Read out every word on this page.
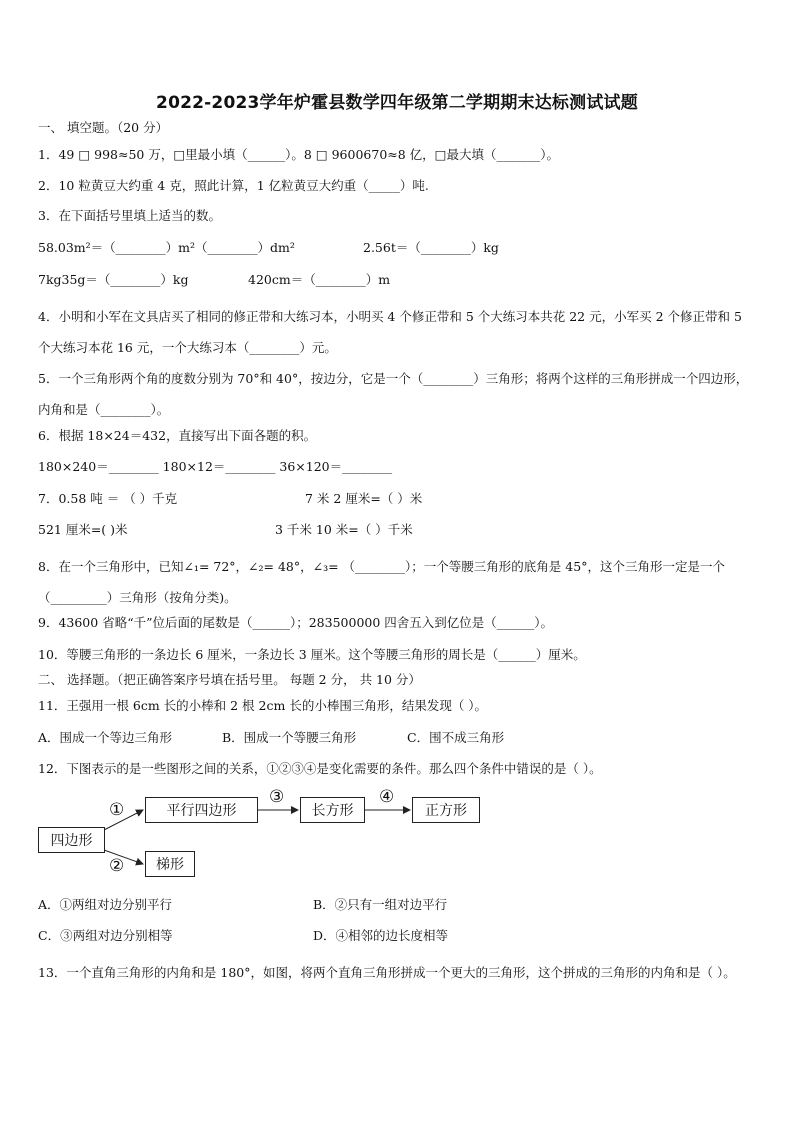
2022-2023学年炉霍县数学四年级第二学期期末达标测试试题
一、 填空题。（20 分）
1．49 □ 998≈50 万，□里最小填（______）。8 □ 9600670≈8 亿，□最大填（_______）。
2．10 粒黄豆大约重 4 克，照此计算，1 亿粒黄豆大约重（_____）吨.
3．在下面括号里填上适当的数。
58.03m²＝（________）m²（________）dm²	2.56t＝（________）kg
7kg35g＝（________）kg	420cm＝（________）m
4．小明和小军在文具店买了相同的修正带和大练习本，小明买 4 个修正带和 5 个大练习本共花 22 元，小军买 2 个修正带和 5 个大练习本花 16 元，一个大练习本（________）元。
5．一个三角形两个角的度数分别为 70°和 40°，按边分，它是一个（________）三角形；将两个这样的三角形拼成一个四边形，内角和是（________）。
6．根据 18×24＝432，直接写出下面各题的积。
180×240＝________ 180×12＝________ 36×120＝________
7．0.58 吨 ＝ （ ）千克	7 米 2 厘米=（ ）米
521 厘米=( )米	3 千米 10 米=（ ）千米
8．在一个三角形中，已知∠₁= 72°，∠₂= 48°，∠₃= （________）；一个等腰三角形的底角是 45°，这个三角形一定是一个（_________）三角形（按角分类)。
9．43600 省略“千”位后面的尾数是（______）；283500000 四舍五入到亿位是（______）。
10．等腰三角形的一条边长 6 厘米，一条边长 3 厘米。这个等腰三角形的周长是（______）厘米。
二、 选择题。（把正确答案序号填在括号里。 每题 2 分， 共 10 分）
11．王强用一根 6cm 长的小棒和 2 根 2cm 长的小棒围三角形，结果发现（ ）。
A．围成一个等边三角形	B．围成一个等腰三角形	C．围不成三角形
12．下图表示的是一些图形之间的关系，①②③④是变化需要的条件。那么四个条件中错误的是（ ）。
四边形
平行四边形	长方形	正方形
梯形
①
②
③	④
A．①两组对边分别平行	B．②只有一组对边平行
C．③两组对边分别相等	D．④相邻的边长度相等
13．一个直角三角形的内角和是 180°，如图，将两个直角三角形拼成一个更大的三角形，这个拼成的三角形的内角和是（ ）。
